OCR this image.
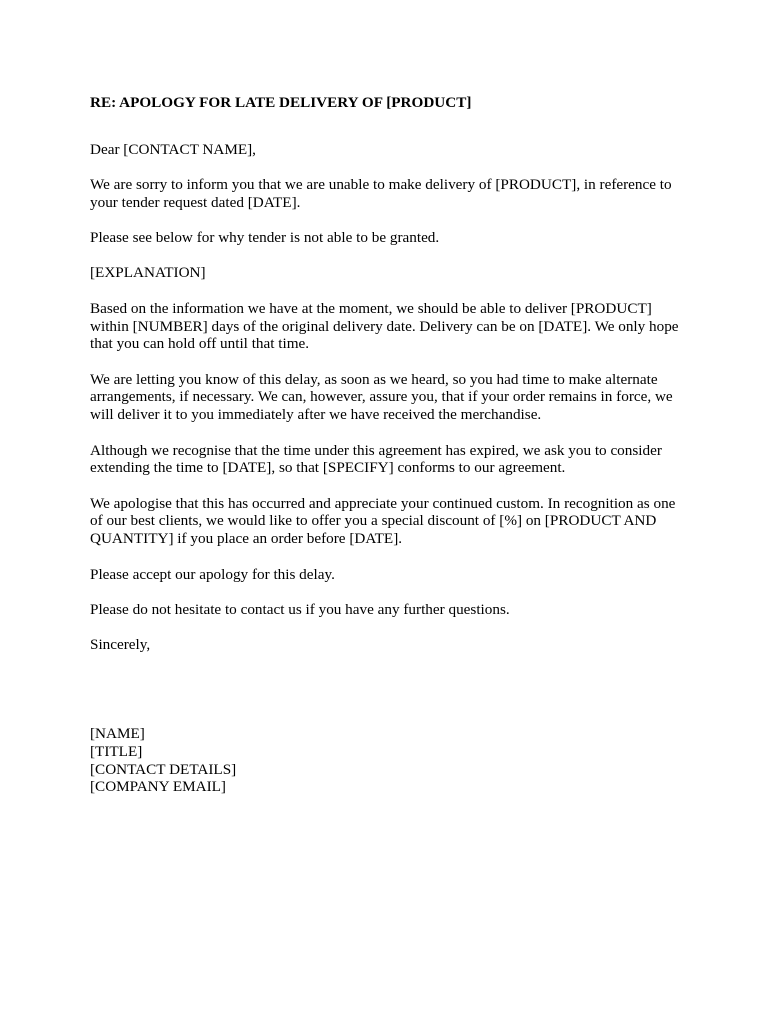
RE: APOLOGY FOR LATE DELIVERY OF [PRODUCT]
Dear [CONTACT NAME],
We are sorry to inform you that we are unable to make delivery of [PRODUCT], in reference to your tender request dated [DATE].
Please see below for why tender is not able to be granted.
[EXPLANATION]
Based on the information we have at the moment, we should be able to deliver [PRODUCT] within [NUMBER] days of the original delivery date. Delivery can be on [DATE]. We only hope that you can hold off until that time.
We are letting you know of this delay, as soon as we heard, so you had time to make alternate arrangements, if necessary. We can, however, assure you, that if your order remains in force, we will deliver it to you immediately after we have received the merchandise.
Although we recognise that the time under this agreement has expired, we ask you to consider extending the time to [DATE], so that [SPECIFY] conforms to our agreement.
We apologise that this has occurred and appreciate your continued custom. In recognition as one of our best clients, we would like to offer you a special discount of [%] on [PRODUCT AND QUANTITY] if you place an order before [DATE].
Please accept our apology for this delay.
Please do not hesitate to contact us if you have any further questions.
Sincerely,
[NAME]
[TITLE]
[CONTACT DETAILS]
[COMPANY EMAIL]
